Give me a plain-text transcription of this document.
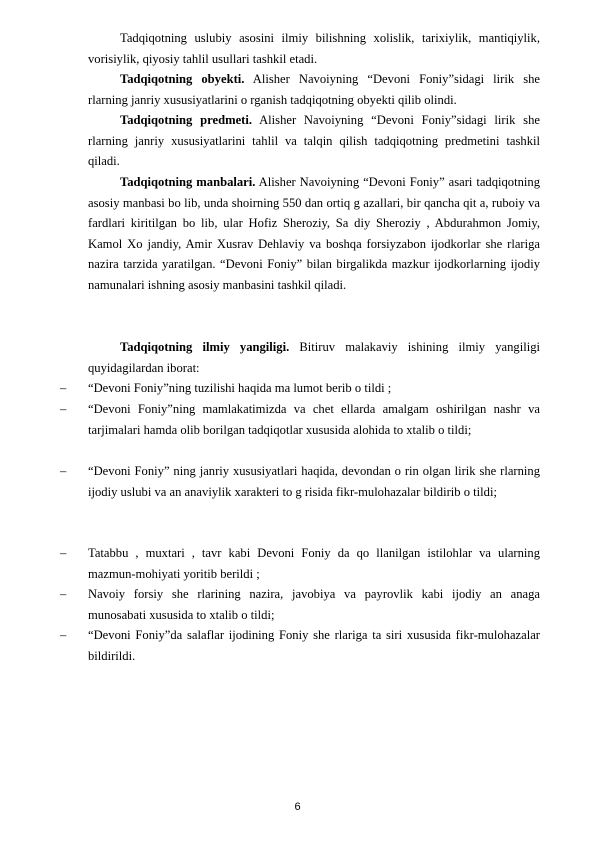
Tadqiqotning uslubiy asosini ilmiy bilishning xolislik, tarixiylik, mantiqiylik, vorisiylik, qiyosiy tahlil usullari tashkil etadi.

Tadqiqotning obyekti. Alisher Navoiyning “Devoni Foniy”sidagi lirik she rlarning janriy xususiyatlarini o rganish tadqiqotning obyekti qilib olindi.

Tadqiqotning predmeti. Alisher Navoiyning “Devoni Foniy”sidagi lirik she rlarning janriy xususiyatlarini tahlil va talqin qilish tadqiqotning predmetini tashkil qiladi.

Tadqiqotning manbalari. Alisher Navoiyning “Devoni Foniy” asari tadqiqotning asosiy manbasi bo lib, unda shoirning 550 dan ortiq g azallari, bir qancha qit a, ruboiy va fardlari kiritilgan bo lib, ular Hofiz Sheroziy, Sa diy Sheroziy , Abdurahmon Jomiy, Kamol Xo jandiy, Amir Xusrav Dehlaviy va boshqa forsiyzabon ijodkorlar she rlariga nazira tarzida yaratilgan. “Devoni Foniy” bilan birgalikda mazkur ijodkorlarning ijodiy namunalari ishning asosiy manbasini tashkil qiladi.

Tadqiqotning ilmiy yangiligi. Bitiruv malakaviy ishining ilmiy yangiligi quyidagilardan iborat:

–	“Devoni Foniy”ning tuzilishi haqida ma lumot berib o tildi ;

–	“Devoni Foniy”ning mamlakatimizda va chet ellarda amalgam oshirilgan nashr va tarjimalari hamda olib borilgan tadqiqotlar xususida alohida to xtalib o tildi;

–	“Devoni Foniy” ning janriy xususiyatlari haqida, devondan o rin olgan lirik she rlarning ijodiy uslubi va an anaviylik xarakteri to g risida fikr-mulohazalar bildirib o tildi;

–	Tatabbu , muxtari , tavr kabi Devoni Foniy da qo llanilgan istilohlar va ularning mazmun-mohiyati yoritib berildi ;

–	Navoiy forsiy she rlarining nazira, javobiya va payrovlik kabi ijodiy an anaga munosabati xususida to xtalib o tildi;

–	“Devoni Foniy”da salaflar ijodining Foniy she rlariga ta siri xususida fikr-mulohazalar bildirildi.

6
